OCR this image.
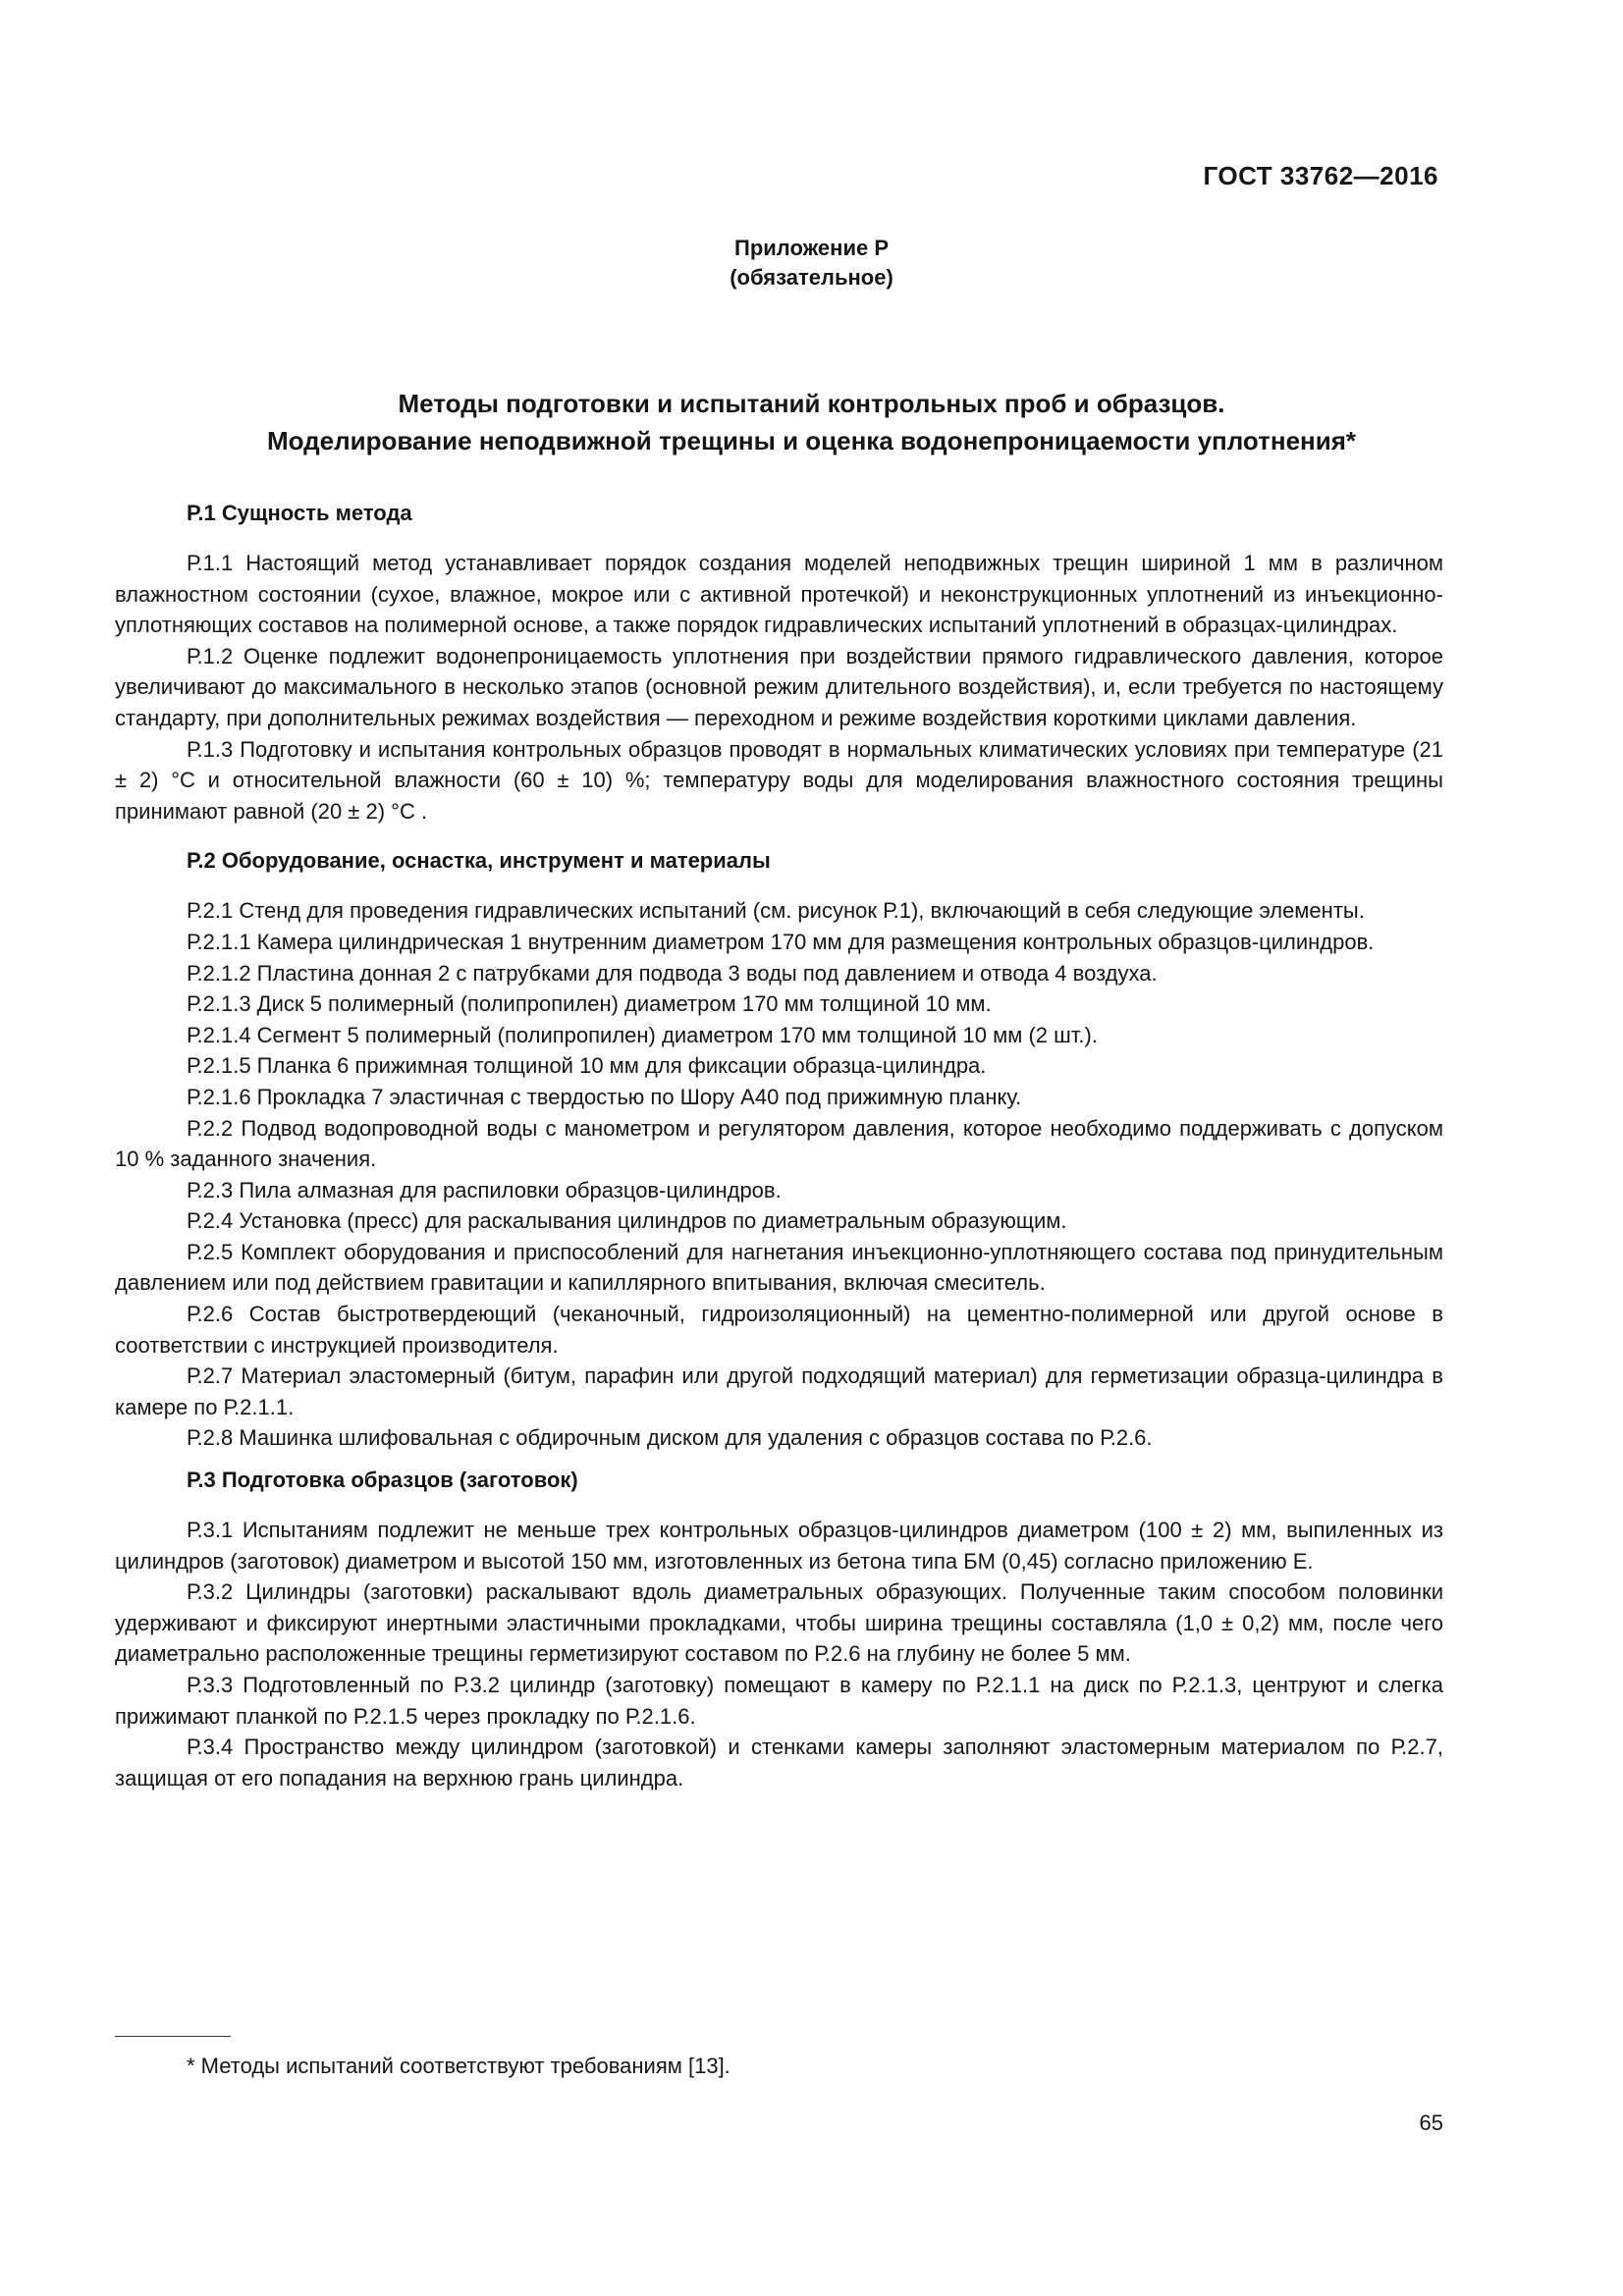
ГОСТ 33762—2016
Приложение Р
(обязательное)
Методы подготовки и испытаний контрольных проб и образцов.
Моделирование неподвижной трещины и оценка водонепроницаемости уплотнения*
Р.1 Сущность метода

Р.1.1 Настоящий метод устанавливает порядок создания моделей неподвижных трещин шириной 1 мм в различном влажностном состоянии (сухое, влажное, мокрое или с активной протечкой) и неконструкционных уплотнений из инъекционно-уплотняющих составов на полимерной основе, а также порядок гидравлических испытаний уплотнений в образцах-цилиндрах.

Р.1.2 Оценке подлежит водонепроницаемость уплотнения при воздействии прямого гидравлического давления, которое увеличивают до максимального в несколько этапов (основной режим длительного воздействия), и, если требуется по настоящему стандарту, при дополнительных режимах воздействия — переходном и режиме воздействия короткими циклами давления.

Р.1.3 Подготовку и испытания контрольных образцов проводят в нормальных климатических условиях при температуре (21 ± 2) °С и относительной влажности (60 ± 10) %; температуру воды для моделирования влажностного состояния трещины принимают равной (20 ± 2) °С .

Р.2 Оборудование, оснастка, инструмент и материалы

Р.2.1 Стенд для проведения гидравлических испытаний (см. рисунок Р.1), включающий в себя следующие элементы.

Р.2.1.1 Камера цилиндрическая 1 внутренним диаметром 170 мм для размещения контрольных образцов-цилиндров.

Р.2.1.2 Пластина донная 2 с патрубками для подвода 3 воды под давлением и отвода 4 воздуха.

Р.2.1.3 Диск 5 полимерный (полипропилен) диаметром 170 мм толщиной 10 мм.

Р.2.1.4 Сегмент 5 полимерный (полипропилен) диаметром 170 мм толщиной 10 мм (2 шт.).

Р.2.1.5 Планка 6 прижимная толщиной 10 мм для фиксации образца-цилиндра.

Р.2.1.6 Прокладка 7 эластичная с твердостью по Шору А40 под прижимную планку.

Р.2.2 Подвод водопроводной воды с манометром и регулятором давления, которое необходимо поддерживать с допуском 10 % заданного значения.

Р.2.3 Пила алмазная для распиловки образцов-цилиндров.

Р.2.4 Установка (пресс) для раскалывания цилиндров по диаметральным образующим.

Р.2.5 Комплект оборудования и приспособлений для нагнетания инъекционно-уплотняющего состава под принудительным давлением или под действием гравитации и капиллярного впитывания, включая смеситель.

Р.2.6 Состав быстротвердеющий (чеканочный, гидроизоляционный) на цементно-полимерной или другой основе в соответствии с инструкцией производителя.

Р.2.7 Материал эластомерный (битум, парафин или другой подходящий материал) для герметизации образца-цилиндра в камере по Р.2.1.1.

Р.2.8 Машинка шлифовальная с обдирочным диском для удаления с образцов состава по Р.2.6.

Р.3 Подготовка образцов (заготовок)

Р.3.1 Испытаниям подлежит не меньше трех контрольных образцов-цилиндров диаметром (100 ± 2) мм, выпиленных из цилиндров (заготовок) диаметром и высотой 150 мм, изготовленных из бетона типа БМ (0,45) согласно приложению Е.

Р.3.2 Цилиндры (заготовки) раскалывают вдоль диаметральных образующих. Полученные таким способом половинки удерживают и фиксируют инертными эластичными прокладками, чтобы ширина трещины составляла (1,0 ± 0,2) мм, после чего диаметрально расположенные трещины герметизируют составом по Р.2.6 на глубину не более 5 мм.

Р.3.3 Подготовленный по Р.3.2 цилиндр (заготовку) помещают в камеру по Р.2.1.1 на диск по Р.2.1.3, центруют и слегка прижимают планкой по Р.2.1.5 через прокладку по Р.2.1.6.

Р.3.4 Пространство между цилиндром (заготовкой) и стенками камеры заполняют эластомерным материалом по Р.2.7, защищая от его попадания на верхнюю грань цилиндра.

* Методы испытаний соответствуют требованиям [13].
65
